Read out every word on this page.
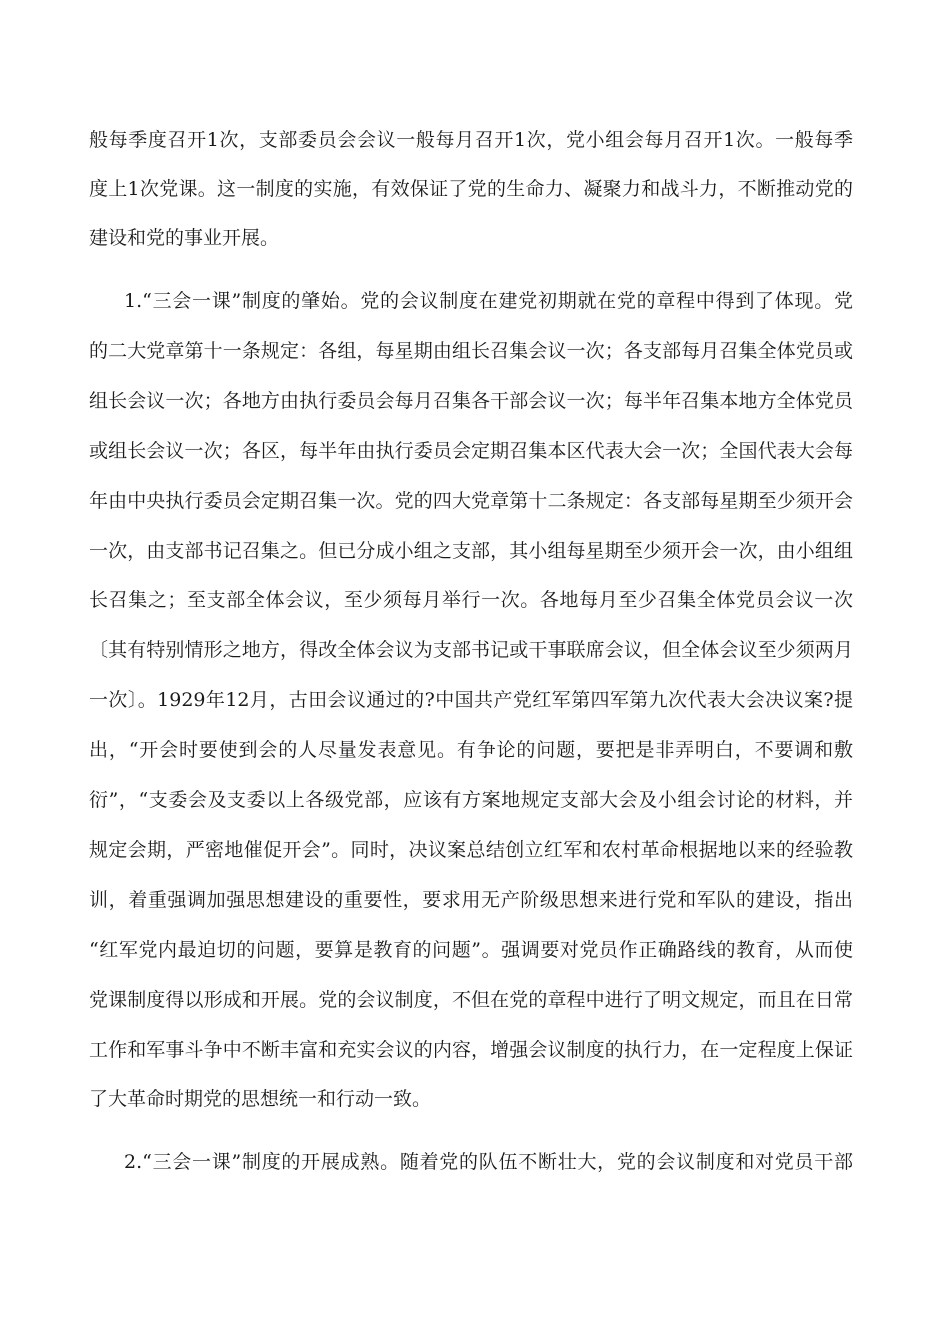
般每季度召开1次，支部委员会会议一般每月召开1次，党小组会每月召开1次。一般每季

度上1次党课。这一制度的实施，有效保证了党的生命力、凝聚力和战斗力，不断推动党的

建设和党的事业开展。

1.“三会一课”制度的肇始。党的会议制度在建党初期就在党的章程中得到了体现。党

的二大党章第十一条规定：各组，每星期由组长召集会议一次；各支部每月召集全体党员或

组长会议一次；各地方由执行委员会每月召集各干部会议一次；每半年召集本地方全体党员

或组长会议一次；各区，每半年由执行委员会定期召集本区代表大会一次；全国代表大会每

年由中央执行委员会定期召集一次。党的四大党章第十二条规定：各支部每星期至少须开会

一次，由支部书记召集之。但已分成小组之支部，其小组每星期至少须开会一次，由小组组

长召集之；至支部全体会议，至少须每月举行一次。各地每月至少召集全体党员会议一次

〔其有特别情形之地方，得改全体会议为支部书记或干事联席会议，但全体会议至少须两月

一次〕。1929年12月，古田会议通过的?中国共产党红军第四军第九次代表大会决议案?提

出，“开会时要使到会的人尽量发表意见。有争论的问题，要把是非弄明白，不要调和敷

衍”，“支委会及支委以上各级党部，应该有方案地规定支部大会及小组会讨论的材料，并

规定会期，严密地催促开会”。同时，决议案总结创立红军和农村革命根据地以来的经验教

训，着重强调加强思想建设的重要性，要求用无产阶级思想来进行党和军队的建设，指出

“红军党内最迫切的问题，要算是教育的问题”。强调要对党员作正确路线的教育，从而使

党课制度得以形成和开展。党的会议制度，不但在党的章程中进行了明文规定，而且在日常

工作和军事斗争中不断丰富和充实会议的内容，增强会议制度的执行力，在一定程度上保证

了大革命时期党的思想统一和行动一致。

2.“三会一课”制度的开展成熟。随着党的队伍不断壮大，党的会议制度和对党员干部
